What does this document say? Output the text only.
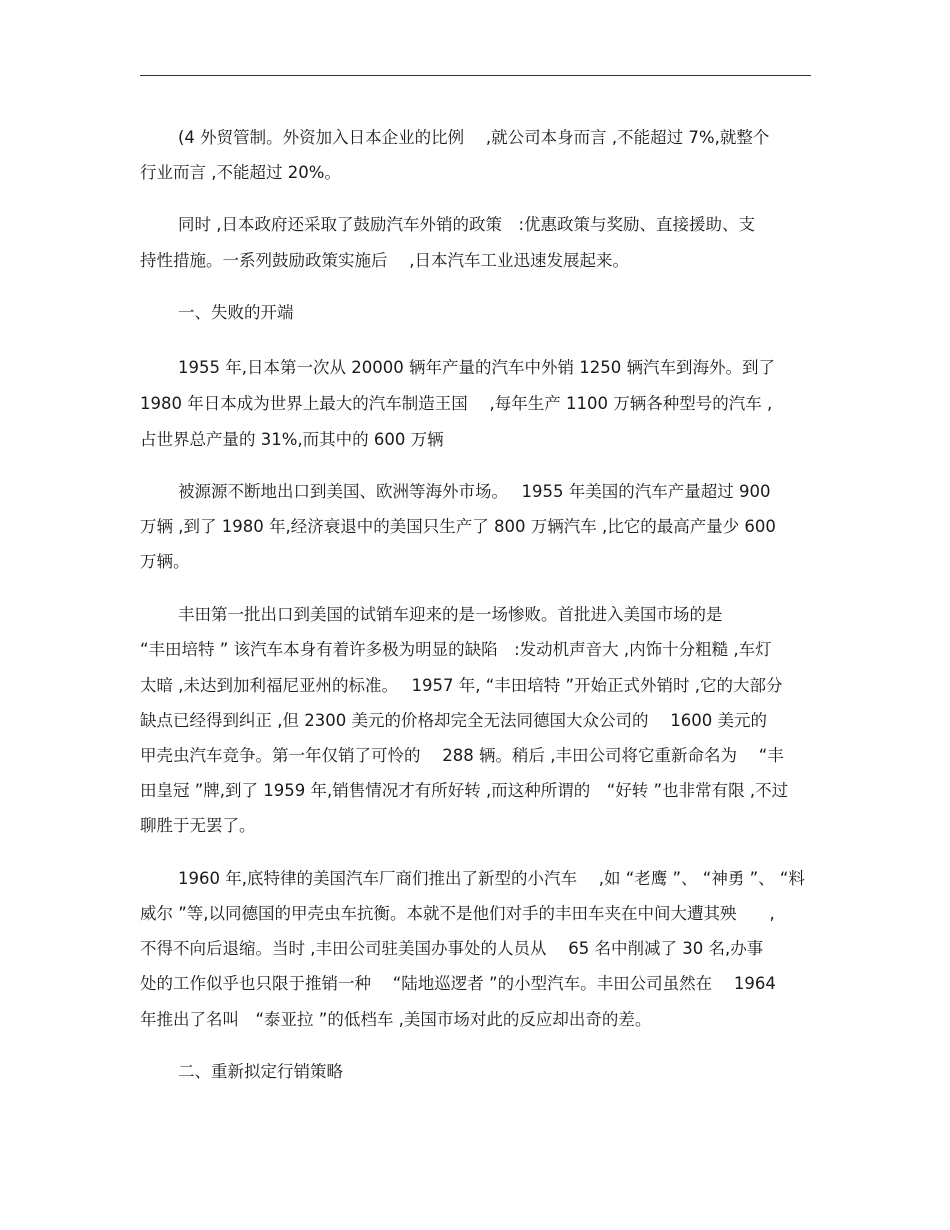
(4 外贸管制。外资加入日本企业的比例　 ,就公司本身而言 ,不能超过 7%,就整个
行业而言 ,不能超过 20%。
同时 ,日本政府还采取了鼓励汽车外销的政策　:优惠政策与奖励、直接援助、支
持性措施。一系列鼓励政策实施后　 ,日本汽车工业迅速发展起来。
一、失败的开端
1955 年,日本第一次从 20000 辆年产量的汽车中外销 1250 辆汽车到海外。到了
1980 年日本成为世界上最大的汽车制造王国　 ,每年生产 1100 万辆各种型号的汽车 ,
占世界总产量的 31%,而其中的 600 万辆
被源源不断地出口到美国、欧洲等海外市场。　 1955 年美国的汽车产量超过 900
万辆 ,到了 1980 年,经济衰退中的美国只生产了 800 万辆汽车 ,比它的最高产量少 600
万辆。
丰田第一批出口到美国的试销车迎来的是一场惨败。首批进入美国市场的是
“丰田培特 ” 该汽车本身有着许多极为明显的缺陷　:发动机声音大 ,内饰十分粗糙 ,车灯
太暗 ,未达到加利福尼亚州的标准。　 1957 年, “丰田培特 ”开始正式外销时 ,它的大部分
缺点已经得到纠正 ,但 2300 美元的价格却完全无法同德国大众公司的　 1600 美元的
甲壳虫汽车竞争。第一年仅销了可怜的　 288 辆。稍后 ,丰田公司将它重新命名为　 “丰
田皇冠 ”牌,到了 1959 年,销售情况才有所好转 ,而这种所谓的　“好转 ”也非常有限 ,不过
聊胜于无罢了。
1960 年,底特律的美国汽车厂商们推出了新型的小汽车　 ,如 “老鹰 ”、 “神勇 ”、 “料
威尔 ”等,以同德国的甲壳虫车抗衡。本就不是他们对手的丰田车夹在中间大遭其殃　　,
不得不向后退缩。当时 ,丰田公司驻美国办事处的人员从　 65 名中削减了 30 名,办事
处的工作似乎也只限于推销一种　 “陆地巡逻者 ”的小型汽车。丰田公司虽然在　 1964
年推出了名叫　“泰亚拉 ”的低档车 ,美国市场对此的反应却出奇的差。
二、重新拟定行销策略
